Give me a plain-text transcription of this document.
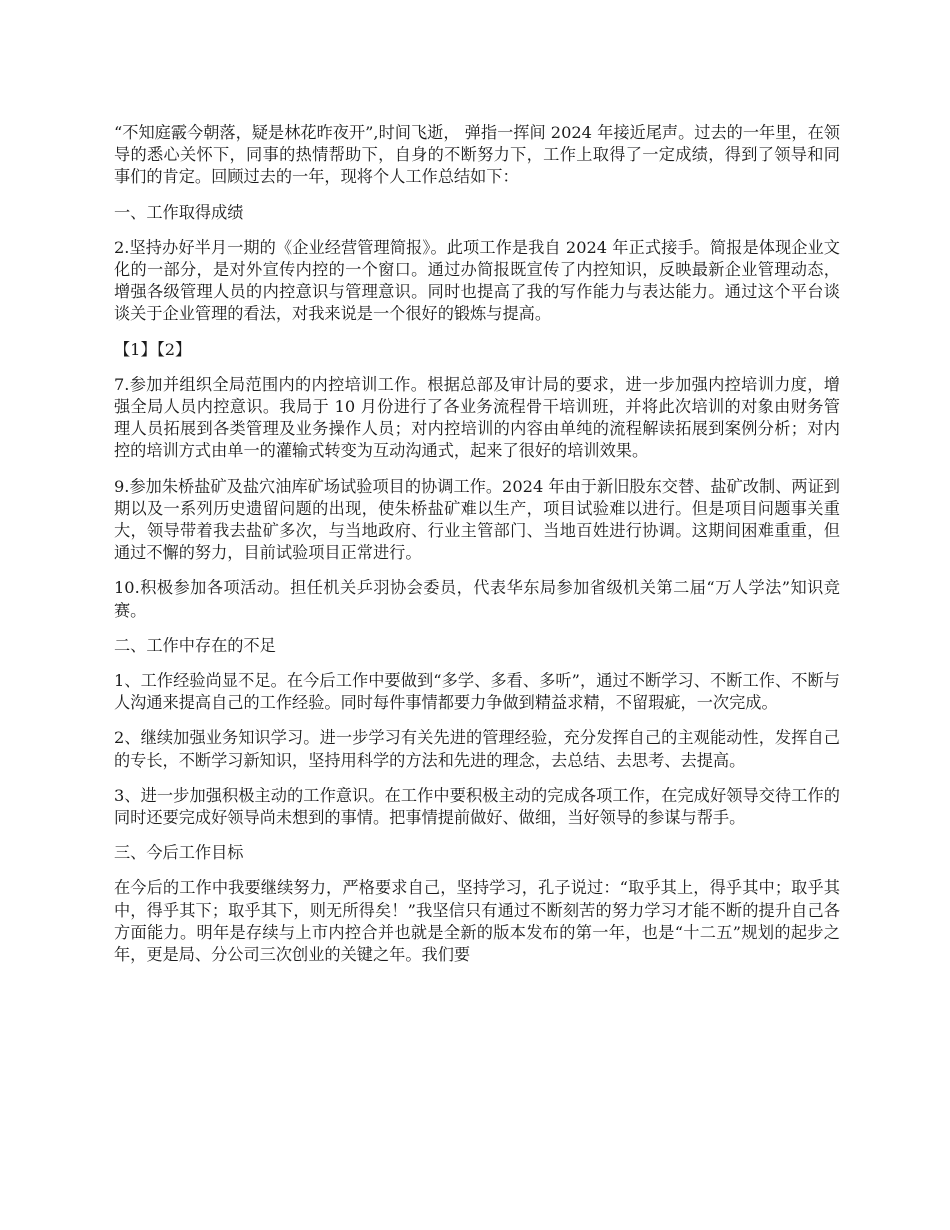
“不知庭霰今朝落，疑是林花昨夜开”,时间飞逝， 弹指一挥间 2024 年接近尾声。过去的一年里，在领导的悉心关怀下，同事的热情帮助下，自身的不断努力下，工作上取得了一定成绩，得到了领导和同事们的肯定。回顾过去的一年，现将个人工作总结如下：

一、工作取得成绩

2.坚持办好半月一期的《企业经营管理简报》。此项工作是我自 2024 年正式接手。简报是体现企业文化的一部分，是对外宣传内控的一个窗口。通过办简报既宣传了内控知识，反映最新企业管理动态，增强各级管理人员的内控意识与管理意识。同时也提高了我的写作能力与表达能力。通过这个平台谈谈关于企业管理的看法，对我来说是一个很好的锻炼与提高。

【1】【2】

7.参加并组织全局范围内的内控培训工作。根据总部及审计局的要求，进一步加强内控培训力度，增强全局人员内控意识。我局于 10 月份进行了各业务流程骨干培训班，并将此次培训的对象由财务管理人员拓展到各类管理及业务操作人员；对内控培训的内容由单纯的流程解读拓展到案例分析；对内控的培训方式由单一的灌输式转变为互动沟通式，起来了很好的培训效果。

9.参加朱桥盐矿及盐穴油库矿场试验项目的协调工作。2024 年由于新旧股东交替、盐矿改制、两证到期以及一系列历史遗留问题的出现，使朱桥盐矿难以生产，项目试验难以进行。但是项目问题事关重大，领导带着我去盐矿多次，与当地政府、行业主管部门、当地百姓进行协调。这期间困难重重，但通过不懈的努力，目前试验项目正常进行。

10.积极参加各项活动。担任机关乒羽协会委员，代表华东局参加省级机关第二届“万人学法”知识竞赛。

二、工作中存在的不足

1、工作经验尚显不足。在今后工作中要做到“多学、多看、多听”，通过不断学习、不断工作、不断与人沟通来提高自己的工作经验。同时每件事情都要力争做到精益求精，不留瑕疵，一次完成。

2、继续加强业务知识学习。进一步学习有关先进的管理经验，充分发挥自己的主观能动性，发挥自己的专长，不断学习新知识，坚持用科学的方法和先进的理念，去总结、去思考、去提高。

3、进一步加强积极主动的工作意识。在工作中要积极主动的完成各项工作，在完成好领导交待工作的同时还要完成好领导尚未想到的事情。把事情提前做好、做细，当好领导的参谋与帮手。

三、今后工作目标

在今后的工作中我要继续努力，严格要求自己，坚持学习，孔子说过：“取乎其上，得乎其中；取乎其中，得乎其下；取乎其下，则无所得矣！”我坚信只有通过不断刻苦的努力学习才能不断的提升自己各方面能力。明年是存续与上市内控合并也就是全新的版本发布的第一年，也是“十二五”规划的起步之年，更是局、分公司三次创业的关键之年。我们要
